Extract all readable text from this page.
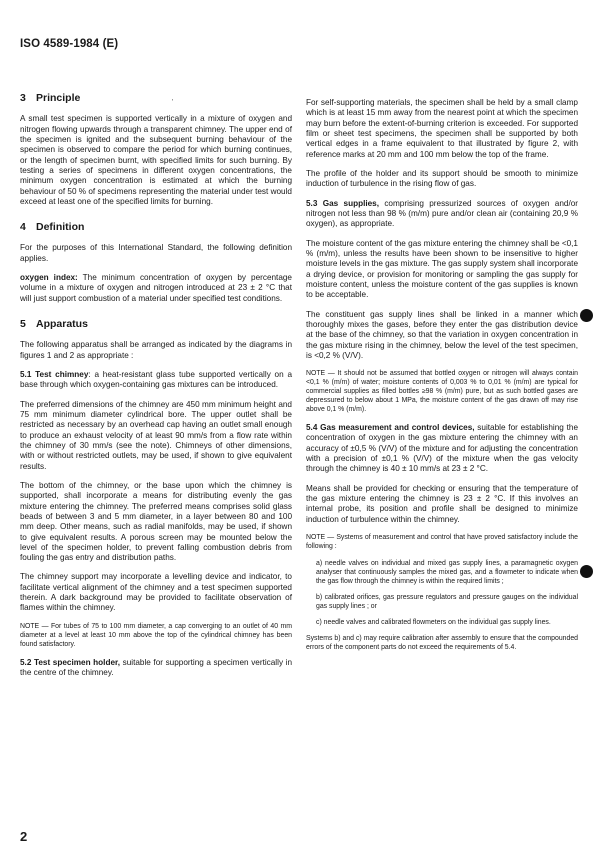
ISO 4589-1984 (E)
'
3 Principle

A small test specimen is supported vertically in a mixture of oxygen and nitrogen flowing upwards through a transparent chimney. The upper end of the specimen is ignited and the subsequent burning behaviour of the specimen is observed to compare the period for which burning continues, or the length of specimen burnt, with specified limits for such burning. By testing a series of specimens in different oxygen concentrations, the minimum oxygen concentration is estimated at which the burning behaviour of 50 % of specimens representing the material under test would exceed at least one of the specified limits for burning.

4 Definition

For the purposes of this International Standard, the following definition applies.

oxygen index: The minimum concentration of oxygen by percentage volume in a mixture of oxygen and nitrogen introduced at 23 ± 2 °C that will just support combustion of a material under specified test conditions.

5 Apparatus

The following apparatus shall be arranged as indicated by the diagrams in figures 1 and 2 as appropriate :

5.1 Test chimney: a heat-resistant glass tube supported vertically on a base through which oxygen-containing gas mixtures can be introduced.

The preferred dimensions of the chimney are 450 mm minimum height and 75 mm minimum diameter cylindrical bore. The upper outlet shall be restricted as necessary by an overhead cap having an outlet small enough to produce an exhaust velocity of at least 90 mm/s from a flow rate within the chimney of 30 mm/s (see the note). Chimneys of other dimensions, with or without restricted outlets, may be used, if shown to give equivalent results.

The bottom of the chimney, or the base upon which the chimney is supported, shall incorporate a means for distributing evenly the gas mixture entering the chimney. The preferred means comprises solid glass beads of between 3 and 5 mm diameter, in a layer between 80 and 100 mm deep. Other means, such as radial manifolds, may be used, if shown to give equivalent results. A porous screen may be mounted below the level of the specimen holder, to prevent falling combustion debris from fouling the gas entry and distribution paths.

The chimney support may incorporate a levelling device and indicator, to facilitate vertical alignment of the chimney and a test specimen supported therein. A dark background may be provided to facilitate observation of flames within the chimney.

NOTE — For tubes of 75 to 100 mm diameter, a cap converging to an outlet of 40 mm diameter at a level at least 10 mm above the top of the cylindrical chimney has been found satisfactory.

5.2 Test specimen holder, suitable for supporting a specimen vertically in the centre of the chimney.

For self-supporting materials, the specimen shall be held by a small clamp which is at least 15 mm away from the nearest point at which the specimen may burn before the extent-of-burning criterion is exceeded. For supported film or sheet test specimens, the specimen shall be supported by both vertical edges in a frame equivalent to that illustrated by figure 2, with reference marks at 20 mm and 100 mm below the top of the frame.

The profile of the holder and its support should be smooth to minimize induction of turbulence in the rising flow of gas.

5.3 Gas supplies, comprising pressurized sources of oxygen and/or nitrogen not less than 98 % (m/m) pure and/or clean air (containing 20,9 % oxygen), as appropriate.

The moisture content of the gas mixture entering the chimney shall be <0,1 % (m/m), unless the results have been shown to be insensitive to higher moisture levels in the gas mixture. The gas supply system shall incorporate a drying device, or provision for monitoring or sampling the gas supply for moisture content, unless the moisture content of the gas supplies is known to be acceptable.

The constituent gas supply lines shall be linked in a manner which thoroughly mixes the gases, before they enter the gas distribution device at the base of the chimney, so that the variation in oxygen concentration in the gas mixture rising in the chimney, below the level of the test specimen, is <0,2 % (V/V).

NOTE — It should not be assumed that bottled oxygen or nitrogen will always contain <0,1 % (m/m) of water; moisture contents of 0,003 % to 0,01 % (m/m) are typical for commercial supplies as filled bottles ≥98 % (m/m) pure, but as such bottled gases are depressured to below about 1 MPa, the moisture content of the gas drawn off may rise above 0,1 % (m/m).

5.4 Gas measurement and control devices, suitable for establishing the concentration of oxygen in the gas mixture entering the chimney with an accuracy of ±0,5 % (V/V) of the mixture and for adjusting the concentration with a precision of ±0,1 % (V/V) of the mixture when the gas velocity through the chimney is 40 ± 10 mm/s at 23 ± 2 °C.

Means shall be provided for checking or ensuring that the temperature of the gas mixture entering the chimney is 23 ± 2 °C. If this involves an internal probe, its position and profile shall be designed to minimize induction of turbulence within the chimney.

NOTE — Systems of measurement and control that have proved satisfactory include the following :

a) needle valves on individual and mixed gas supply lines, a paramagnetic oxygen analyser that continuously samples the mixed gas, and a flowmeter to indicate when the gas flow through the chimney is within the required limits ;

b) calibrated orifices, gas pressure regulators and pressure gauges on the individual gas supply lines ; or

c) needle valves and calibrated flowmeters on the individual gas supply lines.

Systems b) and c) may require calibration after assembly to ensure that the compounded errors of the component parts do not exceed the requirements of 5.4.

2
